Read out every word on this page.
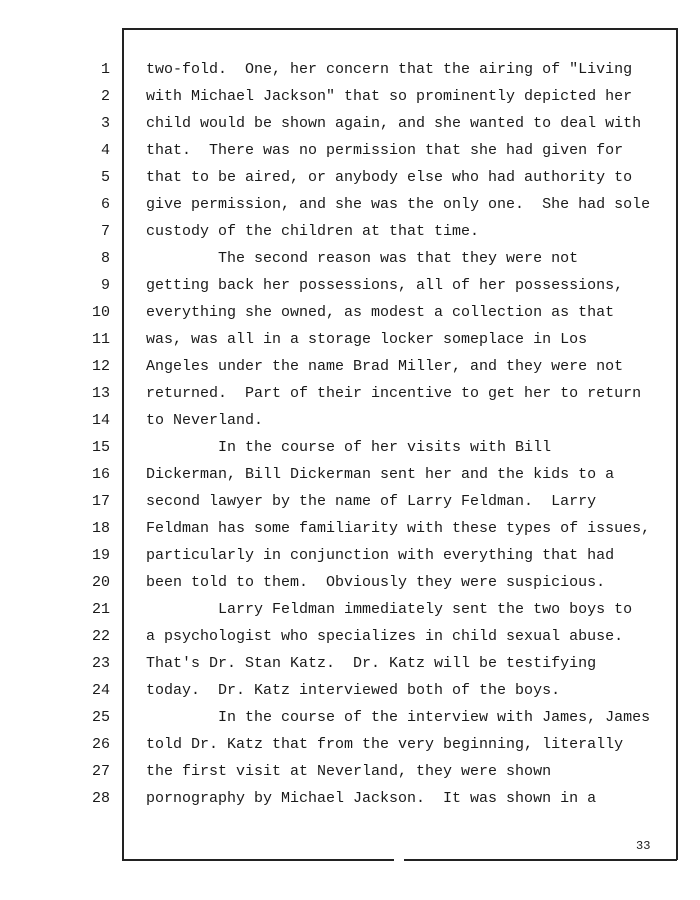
1
2
3
4
5
6
7
8
9
10
11
12
13
14
15
16
17
18
19
20
21
22
23
24
25
26
27
28
two-fold.  One, her concern that the airing of "Living
with Michael Jackson" that so prominently depicted her
child would be shown again, and she wanted to deal with
that.  There was no permission that she had given for
that to be aired, or anybody else who had authority to
give permission, and she was the only one.  She had sole
custody of the children at that time.
The second reason was that they were not
getting back her possessions, all of her possessions,
everything she owned, as modest a collection as that
was, was all in a storage locker someplace in Los
Angeles under the name Brad Miller, and they were not
returned.  Part of their incentive to get her to return
to Neverland.
In the course of her visits with Bill
Dickerman, Bill Dickerman sent her and the kids to a
second lawyer by the name of Larry Feldman.  Larry
Feldman has some familiarity with these types of issues,
particularly in conjunction with everything that had
been told to them.  Obviously they were suspicious.
Larry Feldman immediately sent the two boys to
a psychologist who specializes in child sexual abuse.
That's Dr. Stan Katz.  Dr. Katz will be testifying
today.  Dr. Katz interviewed both of the boys.
In the course of the interview with James, James
told Dr. Katz that from the very beginning, literally
the first visit at Neverland, they were shown
pornography by Michael Jackson.  It was shown in a
33
